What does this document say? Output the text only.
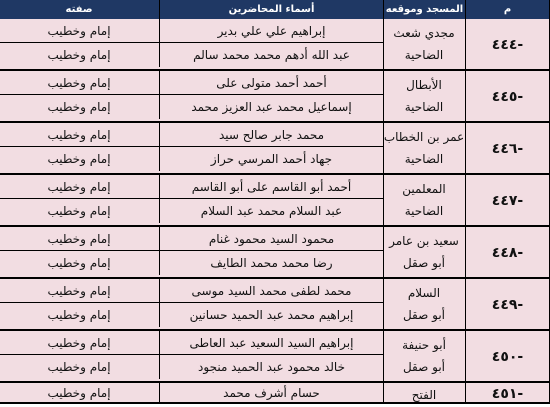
م
المسجد وموقعه
أسماء المحاضرين
صفته
-٤٤٤
مجدي شعث
الضاحية
إبراهيم علي علي بدير
إمام وخطيب
عبد الله أدهم محمد محمد سالم
إمام وخطيب
-٤٤٥
الأبطال
الضاحية
أحمد أحمد متولى على
إمام وخطيب
إسماعيل محمد عبد العزيز محمد
إمام وخطيب
-٤٤٦
عمر بن الخطاب
الضاحية
محمد جابر صالح سيد
إمام وخطيب
جهاد أحمد المرسي حراز
إمام وخطيب
-٤٤٧
المعلمين
الضاحية
أحمد أبو القاسم على أبو القاسم
إمام وخطيب
عبد السلام محمد عبد السلام
إمام وخطيب
-٤٤٨
سعيد بن عامر
أبو صقل
محمود السيد محمود غنام
إمام وخطيب
رضا محمد محمد الطايف
إمام وخطيب
-٤٤٩
السلام
أبو صقل
محمد لطفى محمد السيد موسى
إمام وخطيب
إبراهيم محمد عبد الحميد حسانين
إمام وخطيب
-٤٥٠
أبو حنيفة
أبو صقل
إبراهيم السيد السعيد عبد العاطى
إمام وخطيب
خالد محمود عبد الحميد منجود
إمام وخطيب
-٤٥١
الفتح
حسام أشرف محمد
إمام وخطيب
